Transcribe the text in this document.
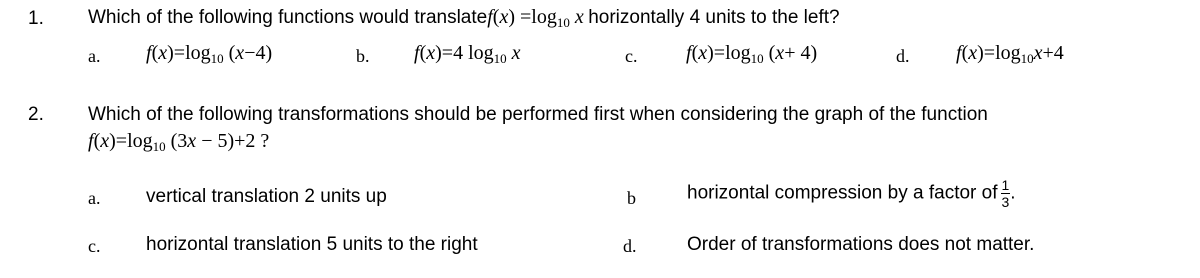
1. Which of the following functions would translatef(x) $=\log_{10}$ x horizontally 4 units to the left?
a. $f(x)=\log_{10}$ (x−4)	b. f(x)=4 $\log_{10} x$	c. $f(x)=\log_{10}$ (x+ 4)	d. $f(x)=\log_{10}x+4$
2. Which of the following transformations should be performed first when considering the graph of the function
$f(x)=\log_{10}$ (3x − 5)+2 ?
a. vertical translation 2 units up	b	horizontal compression by a factor of $\frac{1}{3}$ .
c. horizontal translation 5 units to the right	d.	Order of transformations does not matter.
